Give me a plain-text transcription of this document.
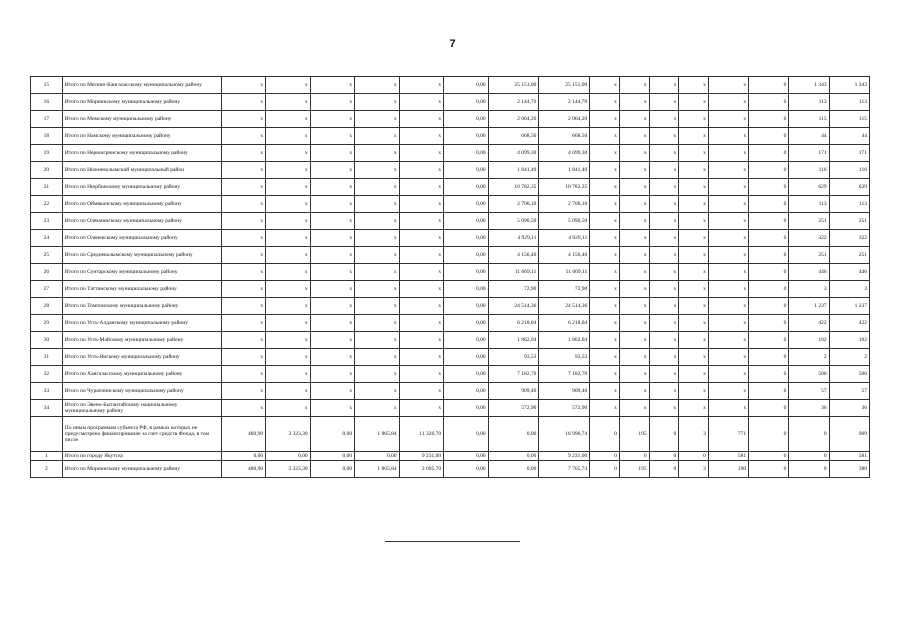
7
15	Итого по Мегино-Кангаласскому муниципальному району	x	x	x	x	x	0,00	25 151,00	25 151,00	x	x	x	x	x	0	1 343	1 343
16	Итого по Мирнинскому муниципальному району	x	x	x	x	x	0,00	2 144,70	2 144,70	x	x	x	x	x	0	113	113
17	Итого по Момскому муниципальному району	x	x	x	x	x	0,00	2 064,20	2 064,20	x	x	x	x	x	0	115	115
18	Итого по Намскому муниципальному району	x	x	x	x	x	0,00	668,50	668,50	x	x	x	x	x	0	44	44
19	Итого по Нерюнгринскому муниципальному району	x	x	x	x	x	0,00	4 099,30	4 099,30	x	x	x	x	x	0	171	171
20	Итого по Нижнеколымский муниципальный район	x	x	x	x	x	0,00	1 841,40	1 841,40	x	x	x	x	x	0	116	116
21	Итого по Нюрбинскому муниципальному району	x	x	x	x	x	0,00	10 782,35	10 782,35	x	x	x	x	x	0	629	629
22	Итого по Оймяконскому муниципальному району	x	x	x	x	x	0,00	2 706,10	2 706,10	x	x	x	x	x	0	113	113
23	Итого по Олекминскому муниципальному району	x	x	x	x	x	0,00	5 090,50	5 090,50	x	x	x	x	x	0	251	251
24	Итого по Оленекскому муниципальному району	x	x	x	x	x	0,00	4 929,11	4 929,11	x	x	x	x	x	0	322	322
25	Итого по Среднеколымскому муниципальному району	x	x	x	x	x	0,00	4 156,40	4 156,40	x	x	x	x	x	0	251	251
26	Итого по Сунтарскому муниципальному району	x	x	x	x	x	0,00	11 669,11	11 669,11	x	x	x	x	x	0	446	446
27	Итого по Таттинскому муниципальному району	x	x	x	x	x	0,00	72,90	72,90	x	x	x	x	x	0	3	3
28	Итого по Томпонскому муниципальному району	x	x	x	x	x	0,00	24 514,36	24 514,36	x	x	x	x	x	0	1 237	1 237
29	Итого по Усть-Алданскому муниципальному району	x	x	x	x	x	0,00	6 218,04	6 218,04	x	x	x	x	x	0	422	422
30	Итого по Усть-Майскому муниципальному району	x	x	x	x	x	0,00	1 862,04	1 862,04	x	x	x	x	x	0	102	102
31	Итого по Усть-Янскому муниципальному району	x	x	x	x	x	0,00	93,53	93,53	x	x	x	x	x	0	2	2
32	Итого по Хангаласскому муниципальному району	x	x	x	x	x	0,00	7 182,70	7 182,70	x	x	x	x	x	0	506	506
33	Итого по Чурапчинскому муниципальному району	x	x	x	x	x	0,00	909,40	909,40	x	x	x	x	x	0	57	57
34	Итого по Эвено-Бытантайскому национальному муниципальному району	x	x	x	x	x	0,00	572,90	572,90	x	x	x	x	x	0	36	36
	По иным программам субъекта РФ, в рамках которых не предусмотрено финансирование за счет средств Фонда, в том числе	480,90	3 323,30	0,00	1 865,84	11 326,70	0,00	0,00	16 996,74	0	195	0	3	771	0	0	969
1	Итого по городу Якутску	0,00	0,00	0,00	0,00	9 231,00	0,00	0,00	9 231,00	0	0	0	0	581	0	0	581
2	Итого по Мирнинскому муниципальному району	480,90	3 323,30	0,00	1 865,84	2 095,70	0,00	0,00	7 765,74	0	195	0	3	190	0	0	388
